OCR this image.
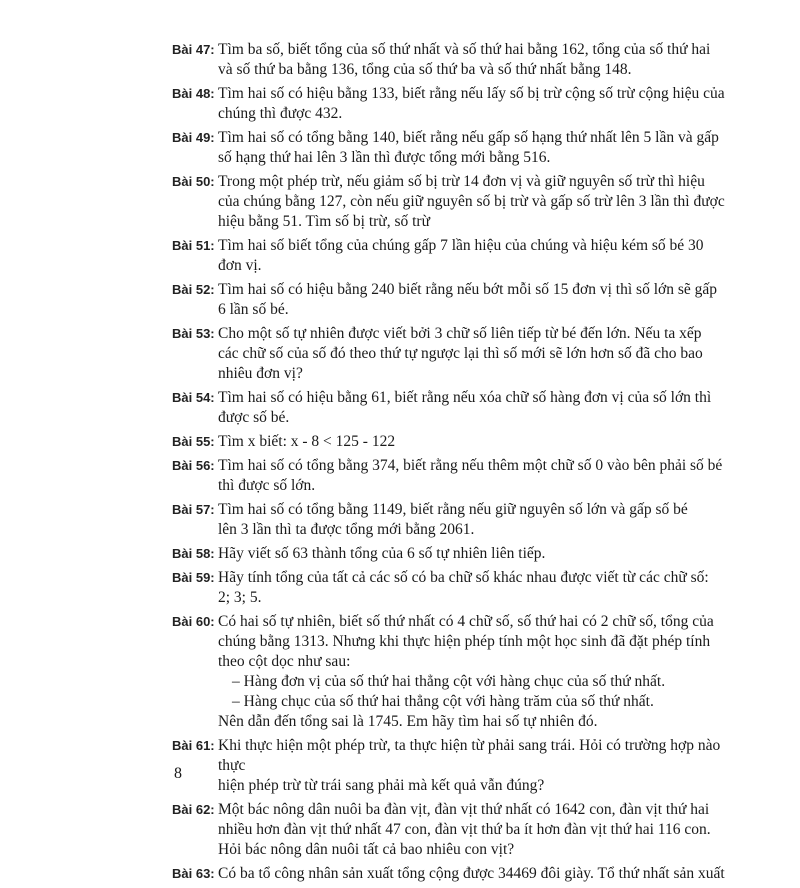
Bài 47: Tìm ba số, biết tổng của số thứ nhất và số thứ hai bằng 162, tổng của số thứ hai
và số thứ ba bằng 136, tổng của số thứ ba và số thứ nhất bằng 148.
Bài 48: Tìm hai số có hiệu bằng 133, biết rằng nếu lấy số bị trừ cộng số trừ cộng hiệu của
chúng thì được 432.
Bài 49: Tìm hai số có tổng bằng 140, biết rằng nếu gấp số hạng thứ nhất lên 5 lần và gấp
số hạng thứ hai lên 3 lần thì được tổng mới bằng 516.
Bài 50: Trong một phép trừ, nếu giảm số bị trừ 14 đơn vị và giữ nguyên số trừ thì hiệu
của chúng bằng 127, còn nếu giữ nguyên số bị trừ và gấp số trừ lên 3 lần thì được
hiệu bằng 51. Tìm số bị trừ, số trừ
Bài 51: Tìm hai số biết tổng của chúng gấp 7 lần hiệu của chúng và hiệu kém số bé 30
đơn vị.
Bài 52: Tìm hai số có hiệu bằng 240 biết rằng nếu bớt mỗi số 15 đơn vị thì số lớn sẽ gấp
6 lần số bé.
Bài 53: Cho một số tự nhiên được viết bởi 3 chữ số liên tiếp từ bé đến lớn. Nếu ta xếp
các chữ số của số đó theo thứ tự ngược lại thì số mới sẽ lớn hơn số đã cho bao
nhiêu đơn vị?
Bài 54: Tìm hai số có hiệu bằng 61, biết rằng nếu xóa chữ số hàng đơn vị của số lớn thì
được số bé.
Bài 55: Tìm x biết: x - 8 < 125 - 122
Bài 56: Tìm hai số có tổng bằng 374, biết rằng nếu thêm một chữ số 0 vào bên phải số bé
thì được số lớn.
Bài 57: Tìm hai số có tổng bằng 1149, biết rằng nếu giữ nguyên số lớn và gấp số bé
lên 3 lần thì ta được tổng mới bằng 2061.
Bài 58: Hãy viết số 63 thành tổng của 6 số tự nhiên liên tiếp.
Bài 59: Hãy tính tổng của tất cả các số có ba chữ số khác nhau được viết từ các chữ số:
2; 3; 5.
Bài 60: Có hai số tự nhiên, biết số thứ nhất có 4 chữ số, số thứ hai có 2 chữ số, tổng của
chúng bằng 1313. Nhưng khi thực hiện phép tính một học sinh đã đặt phép tính
theo cột dọc như sau:
– Hàng đơn vị của số thứ hai thẳng cột với hàng chục của số thứ nhất.
– Hàng chục của số thứ hai thẳng cột với hàng trăm của số thứ nhất.
Nên dẫn đến tổng sai là 1745. Em hãy tìm hai số tự nhiên đó.
Bài 61: Khi thực hiện một phép trừ, ta thực hiện từ phải sang trái. Hỏi có trường hợp nào thực
hiện phép trừ từ trái sang phải mà kết quả vẫn đúng?
Bài 62: Một bác nông dân nuôi ba đàn vịt, đàn vịt thứ nhất có 1642 con, đàn vịt thứ hai
nhiều hơn đàn vịt thứ nhất 47 con, đàn vịt thứ ba ít hơn đàn vịt thứ hai 116 con.
Hỏi bác nông dân nuôi tất cả bao nhiêu con vịt?
Bài 63: Có ba tổ công nhân sản xuất tổng cộng được 34469 đôi giày. Tổ thứ nhất sản xuất
8
